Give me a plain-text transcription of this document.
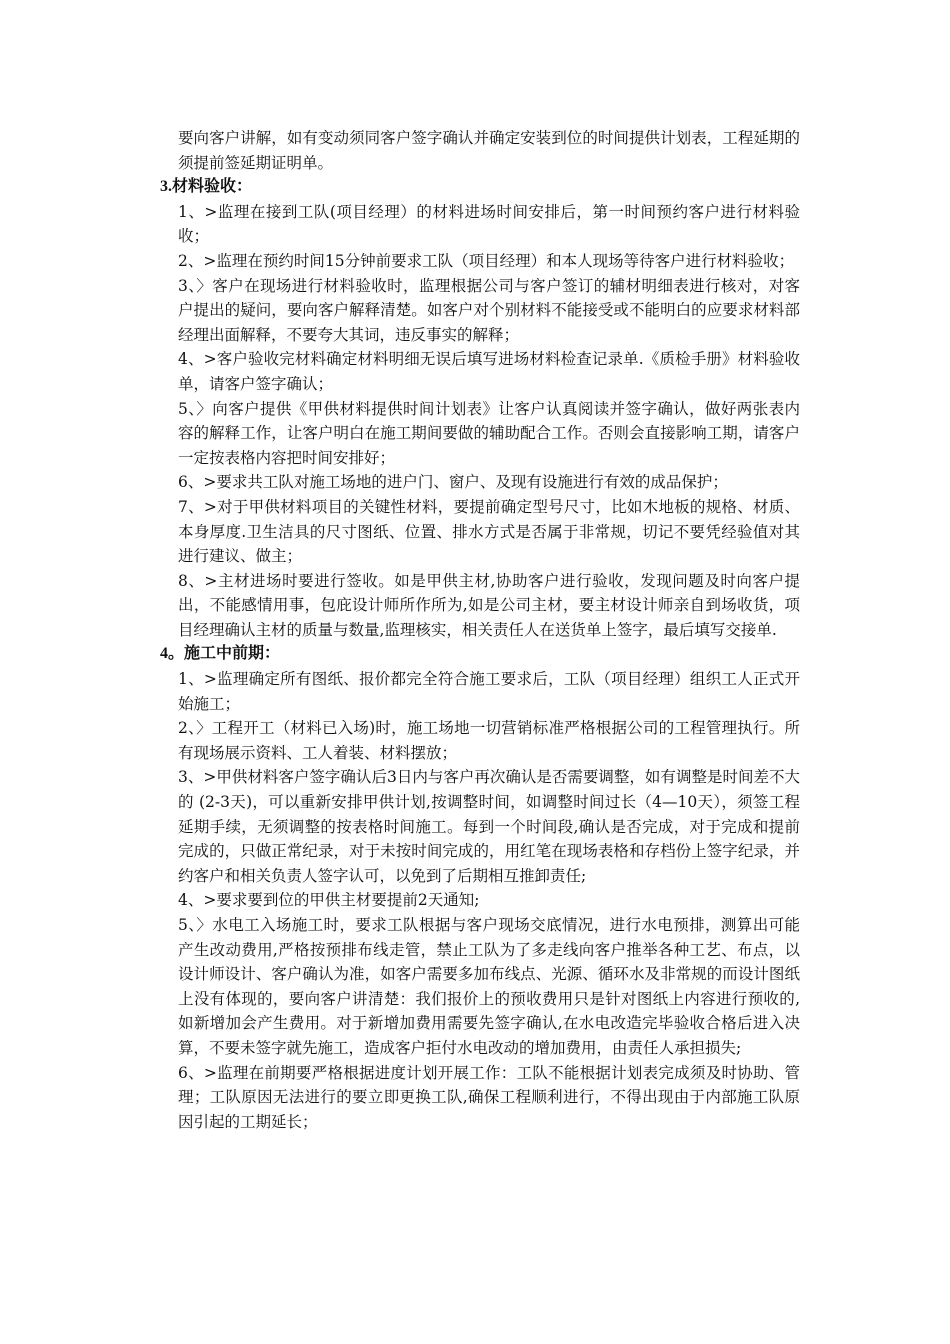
要向客户讲解，如有变动须同客户签字确认并确定安装到位的时间提供计划表，工程延期的须提前签延期证明单。

3.材料验收：

1、>监理在接到工队(项目经理）的材料进场时间安排后，第一时间预约客户进行材料验收；

2、>监理在预约时间15分钟前要求工队（项目经理）和本人现场等待客户进行材料验收；

3、〉客户在现场进行材料验收时，监理根据公司与客户签订的辅材明细表进行核对，对客户提出的疑问，要向客户解释清楚。如客户对个别材料不能接受或不能明白的应要求材料部经理出面解释，不要夸大其词，违反事实的解释；

4、>客户验收完材料确定材料明细无误后填写进场材料检查记录单.《质检手册》材料验收单，请客户签字确认；

5、〉向客户提供《甲供材料提供时间计划表》让客户认真阅读并签字确认，做好两张表内容的解释工作，让客户明白在施工期间要做的辅助配合工作。否则会直接影响工期，请客户一定按表格内容把时间安排好；

6、>要求共工队对施工场地的进户门、窗户、及现有设施进行有效的成品保护；

7、>对于甲供材料项目的关键性材料，要提前确定型号尺寸，比如木地板的规格、材质、本身厚度.卫生洁具的尺寸图纸、位置、排水方式是否属于非常规，切记不要凭经验值对其进行建议、做主；

8、>主材进场时要进行签收。如是甲供主材,协助客户进行验收，发现问题及时向客户提出，不能感情用事，包庇设计师所作所为,如是公司主材，要主材设计师亲自到场收货，项目经理确认主材的质量与数量,监理核实，相关责任人在送货单上签字，最后填写交接单.

4。施工中前期：

1、>监理确定所有图纸、报价都完全符合施工要求后，工队（项目经理）组织工人正式开始施工；

2、〉工程开工（材料已入场)时，施工场地一切营销标准严格根据公司的工程管理执行。所有现场展示资料、工人着装、材料摆放；

3、>甲供材料客户签字确认后3日内与客户再次确认是否需要调整，如有调整是时间差不大的 (2-3天)，可以重新安排甲供计划,按调整时间，如调整时间过长（4—10天），须签工程延期手续，无须调整的按表格时间施工。每到一个时间段,确认是否完成，对于完成和提前完成的，只做正常纪录，对于未按时间完成的，用红笔在现场表格和存档份上签字纪录，并约客户和相关负责人签字认可，以免到了后期相互推卸责任;

4、>要求要到位的甲供主材要提前2天通知;

5、〉水电工入场施工时，要求工队根据与客户现场交底情况，进行水电预排，测算出可能产生改动费用,严格按预排布线走管，禁止工队为了多走线向客户推举各种工艺、布点，以设计师设计、客户确认为准，如客户需要多加布线点、光源、循环水及非常规的而设计图纸上没有体现的，要向客户讲清楚：我们报价上的预收费用只是针对图纸上内容进行预收的,如新增加会产生费用。对于新增加费用需要先签字确认,在水电改造完毕验收合格后进入决算，不要未签字就先施工，造成客户拒付水电改动的增加费用，由责任人承担损失;

6、>监理在前期要严格根据进度计划开展工作：工队不能根据计划表完成须及时协助、管理；工队原因无法进行的要立即更换工队,确保工程顺利进行，不得出现由于内部施工队原因引起的工期延长；
